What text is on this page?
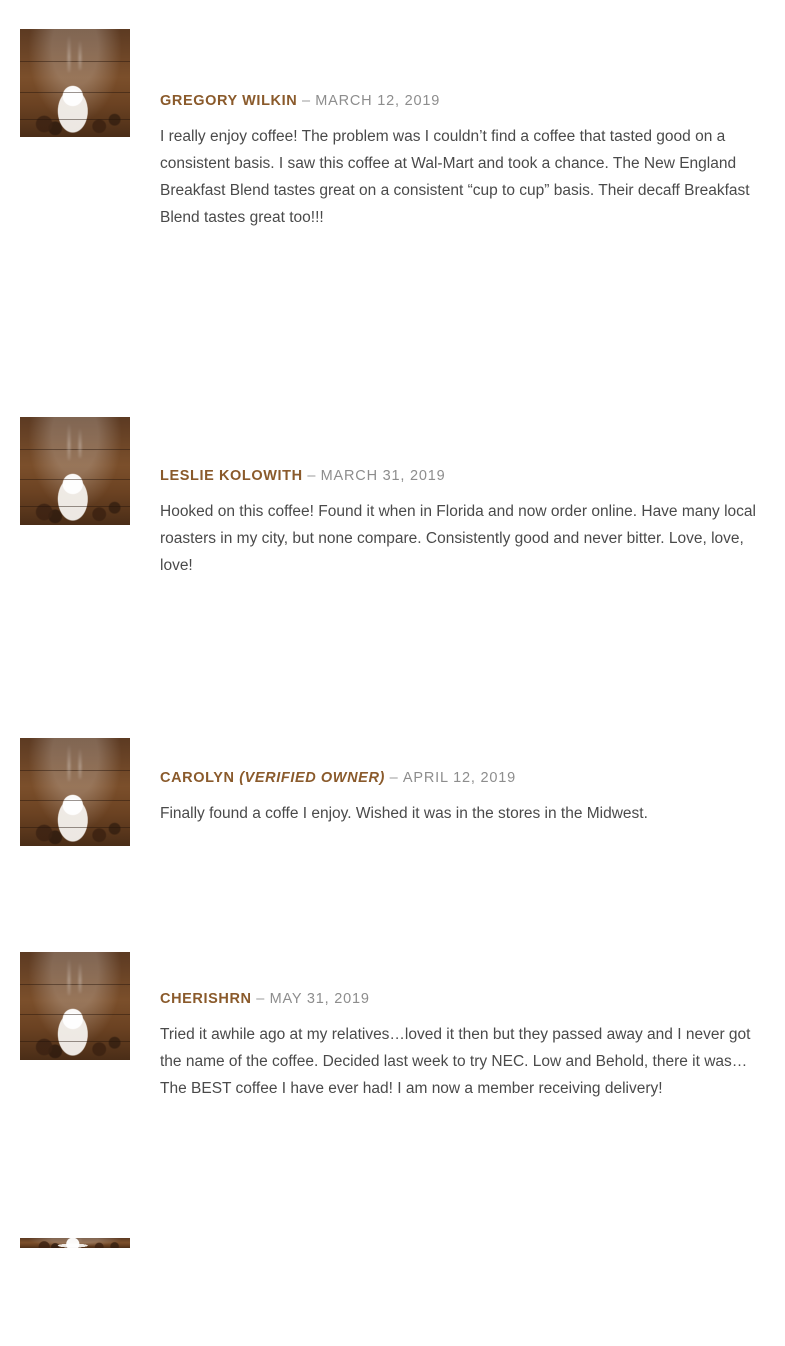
GREGORY WILKIN – MARCH 12, 2019

I really enjoy coffee! The problem was I couldn’t find a coffee that tasted good on a consistent basis. I saw this coffee at Wal-Mart and took a chance. The New England Breakfast Blend tastes great on a consistent “cup to cup” basis. Their decaff Breakfast Blend tastes great too!!!

LESLIE KOLOWITH – MARCH 31, 2019

Hooked on this coffee! Found it when in Florida and now order online. Have many local roasters in my city, but none compare. Consistently good and never bitter. Love, love, love!

CAROLYN (VERIFIED OWNER) – APRIL 12, 2019

Finally found a coffe I enjoy. Wished it was in the stores in the Midwest.

CHERISHRN – MAY 31, 2019

Tried it awhile ago at my relatives…loved it then but they passed away and I never got the name of the coffee. Decided last week to try NEC. Low and Behold, there it was…The BEST coffee I have ever had! I am now a member receiving delivery!
